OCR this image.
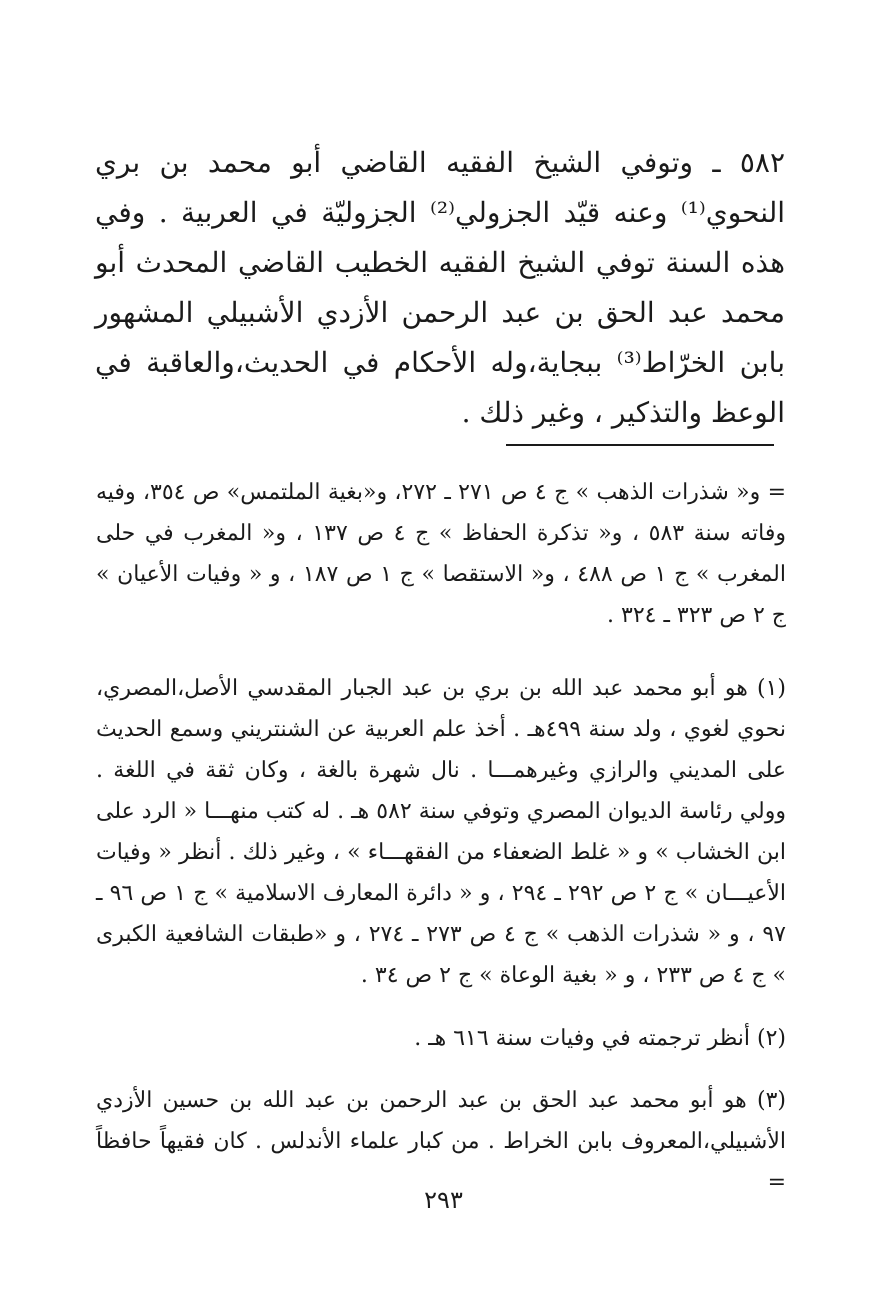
٥٨٢ ـ وتوفي الشيخ الفقيه القاضي أبو محمد بن بري النحوي⁽¹⁾ وعنه قيّد الجزولي⁽²⁾ الجزوليّة في العربية . وفي هذه السنة توفي الشيخ الفقيه الخطيب القاضي المحدث أبو محمد عبد الحق بن عبد الرحمن الأزدي الأشبيلي المشهور بابن الخرّاط⁽³⁾ ببجاية،وله الأحكام في الحديث،والعاقبة في الوعظ والتذكير ، وغير ذلك .

= و« شذرات الذهب » ج ٤ ص ٢٧١ ـ ٢٧٢، و«بغية الملتمس» ص ٣٥٤، وفيه وفاته سنة ٥٨٣ ، و« تذكرة الحفاظ » ج ٤ ص ١٣٧ ، و« المغرب في حلى المغرب » ج ١ ص ٤٨٨ ، و« الاستقصا » ج ١ ص ١٨٧ ، و « وفيات الأعيان » ج ٢ ص ٣٢٣ ـ ٣٢٤ .

(١) هو أبو محمد عبد الله بن بري بن عبد الجبار المقدسي الأصل،المصري، نحوي لغوي ، ولد سنة ٤٩٩هـ . أخذ علم العربية عن الشنتريني وسمع الحديث على المديني والرازي وغيرهمـــا . نال شهرة بالغة ، وكان ثقة في اللغة . وولي رئاسة الديوان المصري وتوفي سنة ٥٨٢ هـ . له كتب منهـــا « الرد على ابن الخشاب » و « غلط الضعفاء من الفقهـــاء » ، وغير ذلك . أنظر « وفيات الأعيـــان » ج ٢ ص ٢٩٢ ـ ٢٩٤ ، و « دائرة المعارف الاسلامية » ج ١ ص ٩٦ ـ ٩٧ ، و « شذرات الذهب » ج ٤ ص ٢٧٣ ـ ٢٧٤ ، و «طبقات الشافعية الكبرى » ج ٤ ص ٢٣٣ ، و « بغية الوعاة » ج ٢ ص ٣٤ .

(٢) أنظر ترجمته في وفيات سنة ٦١٦ هـ .

(٣) هو أبو محمد عبد الحق بن عبد الرحمن بن عبد الله بن حسين الأزدي الأشبيلي،المعروف بابن الخراط . من كبار علماء الأندلس . كان فقيهاً حافظاً =

٢٩٣
